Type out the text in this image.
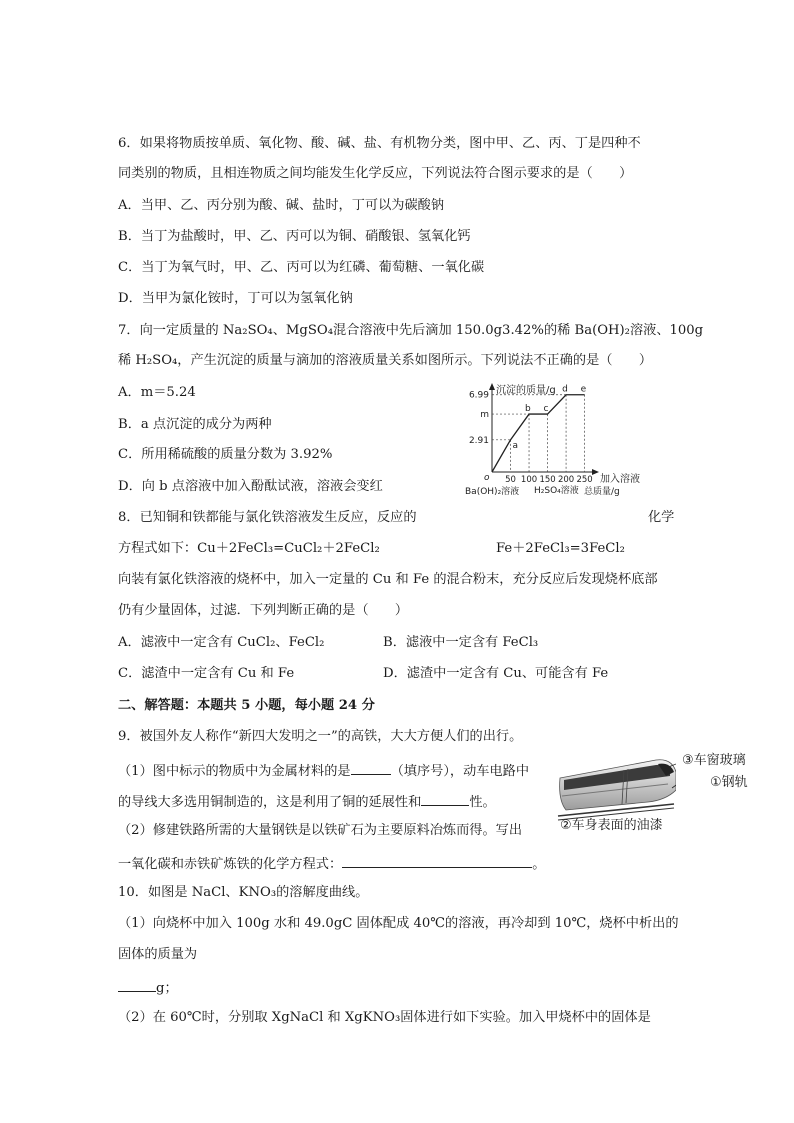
6．如果将物质按单质、氧化物、酸、碱、盐、有机物分类，图中甲、乙、丙、丁是四种不
同类别的物质，且相连物质之间均能发生化学反应，下列说法符合图示要求的是（　　）
A．当甲、乙、丙分别为酸、碱、盐时，丁可以为碳酸钠
B．当丁为盐酸时，甲、乙、丙可以为铜、硝酸银、氢氧化钙
C．当丁为氧气时，甲、乙、丙可以为红磷、葡萄糖、一氧化碳
D．当甲为氯化铵时，丁可以为氢氧化钠
7．向一定质量的 Na₂SO₄、MgSO₄混合溶液中先后滴加 150.0g3.42%的稀 Ba(OH)₂溶液、100g
稀 H₂SO₄，产生沉淀的质量与滴加的溶液质量关系如图所示。下列说法不正确的是（　　）
A．m＝5.24
B．a 点沉淀的成分为两种
C．所用稀硫酸的质量分数为 3.92%
D．向 b 点溶液中加入酚酞试液，溶液会变红
沉淀的质量/g
o
2.91
m
6.99
a
b c
d e
50 100 150 200 250 加入溶液
总质量/g
Ba(OH)₂溶液 H₂SO₄溶液
8．已知铜和铁都能与氯化铁溶液发生反应，反应的	化学
方程式如下：Cu＋2FeCl₃=CuCl₂＋2FeCl₂	Fe＋2FeCl₃=3FeCl₂
向装有氯化铁溶液的烧杯中，加入一定量的 Cu 和 Fe 的混合粉末，充分反应后发现烧杯底部
仍有少量固体，过滤．下列判断正确的是（　　）
A．滤液中一定含有 CuCl₂、FeCl₂	B．滤液中一定含有 FeCl₃
C．滤渣中一定含有 Cu 和 Fe	D．滤渣中一定含有 Cu、可能含有 Fe
二、解答题：本题共 5 小题，每小题 24 分
9．被国外友人称作“新四大发明之一”的高铁，大大方便人们的出行。
（1）图中标示的物质中为金属材料的是	（填序号），动车电路中
的导线大多选用铜制造的，这是利用了铜的延展性和	性。
（2）修建铁路所需的大量钢铁是以铁矿石为主要原料冶炼而得。写出
一氧化碳和赤铁矿炼铁的化学方程式：	。
③车窗玻璃
①钢轨
②车身表面的油漆
10．如图是 NaCl、KNO₃的溶解度曲线。
（1）向烧杯中加入 100g 水和 49.0gC 固体配成 40℃的溶液，再冷却到 10℃，烧杯中析出的
固体的质量为
g；
（2）在 60℃时，分别取 XgNaCl 和 XgKNO₃固体进行如下实验。加入甲烧杯中的固体是
